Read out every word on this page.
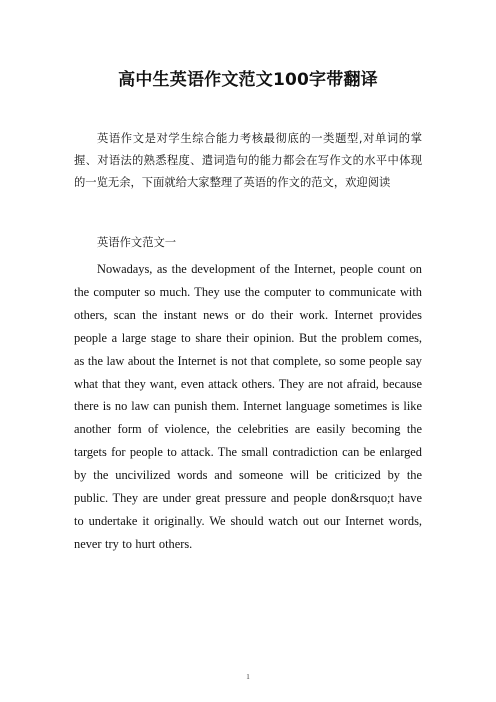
高中生英语作文范文100字带翻译
英语作文是对学生综合能力考核最彻底的一类题型,对单词的掌握、对语法的熟悉程度、遣词造句的能力都会在写作文的水平中体现的一览无余，下面就给大家整理了英语的作文的范文，欢迎阅读
英语作文范文一
Nowadays, as the development of the Internet, people count on the computer so much. They use the computer to communicate with others, scan the instant news or do their work. Internet provides people a large stage to share their opinion. But the problem comes, as the law about the Internet is not that complete, so some people say what that they want, even attack others. They are not afraid, because there is no law can punish them. Internet language sometimes is like another form of violence, the celebrities are easily becoming the targets for people to attack. The small contradiction can be enlarged by the uncivilized words and someone will be criticized by the public. They are under great pressure and people don&rsquo;t have to undertake it originally. We should watch out our Internet words, never try to hurt others.
1
